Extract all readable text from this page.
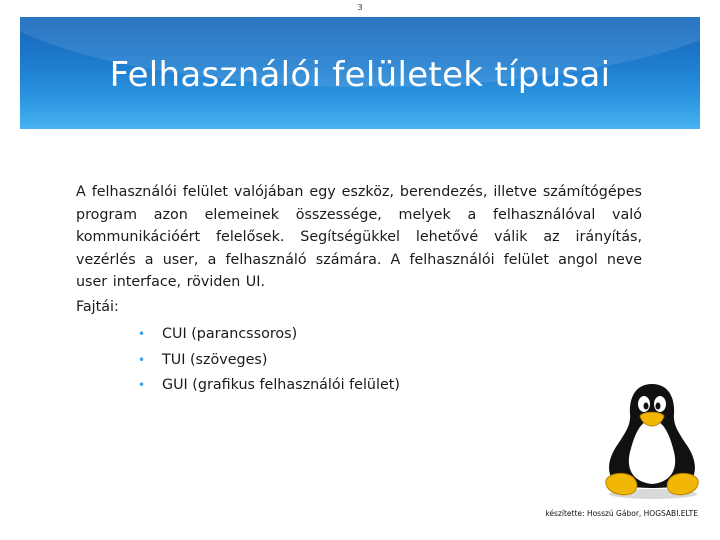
3
Felhasználói felületek típusai
A felhasználói felület valójában egy eszköz, berendezés, illetve számítógépes program azon elemeinek összessége, melyek a felhasználóval való kommunikációért felelősek. Segítségükkel lehetővé válik az irányítás, vezérlés a user, a felhasználó számára. A felhasználói felület angol neve user interface, röviden UI.
Fajtái:
•	CUI (parancssoros)
•	TUI (szöveges)
•	GUI (grafikus felhasználói felület)
készítette: Hosszú Gábor, HOGSABI.ELTE
